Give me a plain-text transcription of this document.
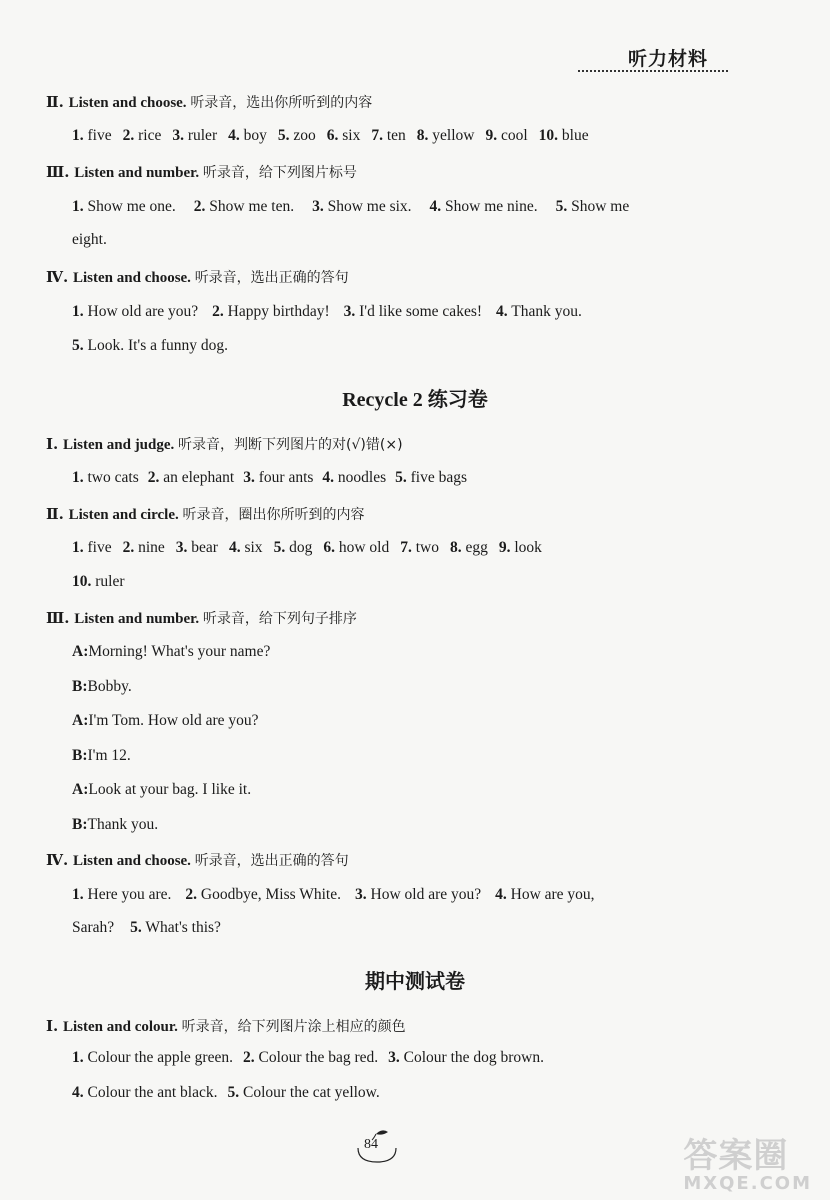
听力材料
Ⅱ. Listen and choose. 听录音，选出你所听到的内容
1. five 2. rice 3. ruler 4. boy 5. zoo 6. six 7. ten 8. yellow 9. cool 10. blue
Ⅲ. Listen and number. 听录音，给下列图片标号
1. Show me one. 2. Show me ten. 3. Show me six. 4. Show me nine. 5. Show me
eight.
Ⅳ. Listen and choose. 听录音，选出正确的答句
1. How old are you? 2. Happy birthday! 3. I'd like some cakes! 4. Thank you.
5. Look. It's a funny dog.
Recycle 2 练习卷
Ⅰ. Listen and judge. 听录音，判断下列图片的对(√)错(×)
1. two cats 2. an elephant 3. four ants 4. noodles 5. five bags
Ⅱ. Listen and circle. 听录音，圈出你所听到的内容
1. five 2. nine 3. bear 4. six 5. dog 6. how old 7. two 8. egg 9. look
10. ruler
Ⅲ. Listen and number. 听录音，给下列句子排序
A:Morning! What's your name?
B:Bobby.
A:I'm Tom. How old are you?
B:I'm 12.
A:Look at your bag. I like it.
B:Thank you.
Ⅳ. Listen and choose. 听录音，选出正确的答句
1. Here you are. 2. Goodbye, Miss White. 3. How old are you? 4. How are you,
Sarah? 5. What's this?
期中测试卷
Ⅰ. Listen and colour. 听录音，给下列图片涂上相应的颜色
1. Colour the apple green. 2. Colour the bag red. 3. Colour the dog brown.
4. Colour the ant black. 5. Colour the cat yellow.
84	答案圈
MXQE.COM
